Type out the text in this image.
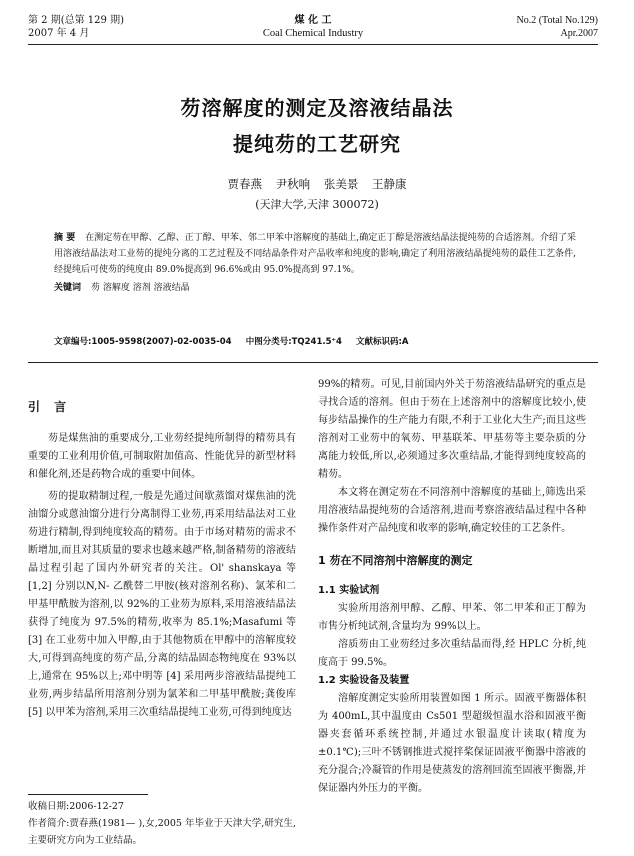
第 2 期(总第 129 期)
2007 年 4 月
煤 化 工
Coal Chemical Industry
No.2 (Total No.129)
Apr.2007
芴溶解度的测定及溶液结晶法
提纯芴的工艺研究
贾春燕 尹秋响 张美景 王静康
(天津大学,天津 300072)
摘 要 在测定芴在甲醇、乙醇、正丁醇、甲苯、邻二甲苯中溶解度的基础上,确定正丁醇是溶液结晶法提纯芴的合适溶剂。介绍了采用溶液结晶法对工业芴的提纯分离的工艺过程及不同结晶条件对产品收率和纯度的影响,确定了利用溶液结晶提纯芴的最佳工艺条件,经提纯后可使芴的纯度由 89.0%提高到 96.6%或由 95.0%提高到 97.1%。
关键词 芴 溶解度 溶剂 溶液结晶
文章编号:1005-9598(2007)-02-0035-04 中图分类号:TQ241.5⁺4 文献标识码:A
引 言

芴是煤焦油的重要成分,工业芴经提纯所制得的精芴具有重要的工业利用价值,可制取附加值高、性能优异的新型材料和催化剂,还是药物合成的重要中间体。

芴的提取精制过程,一般是先通过间歇蒸馏对煤焦油的洗油馏分或蒽油馏分进行分离制得工业芴,再采用结晶法对工业芴进行精制,得到纯度较高的精芴。由于市场对精芴的需求不断增加,而且对其质量的要求也越来越严格,制备精芴的溶液结晶过程引起了国内外研究者的关注。Ol' shanskaya 等 [1,2] 分别以N,N- 乙酰替二甲胺(核对溶剂名称)、氯苯和二甲基甲酰胺为溶剂,以 92%的工业芴为原料,采用溶液结晶法获得了纯度为 97.5%的精芴,收率为 85.1%;Masafumi 等 [3] 在工业芴中加入甲醇,由于其他物质在甲醇中的溶解度较大,可得到高纯度的芴产品,分离的结晶固态物纯度在 93%以上,通常在 95%以上;邓中明等 [4] 采用两步溶液结晶提纯工业芴,两步结晶所用溶剂分别为氯苯和二甲基甲酰胺;龚俊库 [5] 以甲苯为溶剂,采用三次重结晶提纯工业芴,可得到纯度达

收稿日期:2006-12-27
作者简介:贾春燕(1981— ),女,2005 年毕业于天津大学,研究生,主要研究方向为工业结晶。

99%的精芴。可见,目前国内外关于芴溶液结晶研究的重点是寻找合适的溶剂。但由于芴在上述溶剂中的溶解度比较小,使每步结晶操作的生产能力有限,不利于工业化大生产;而且这些溶剂对工业芴中的氧芴、甲基联苯、甲基芴等主要杂质的分离能力较低,所以,必须通过多次重结晶,才能得到纯度较高的精芴。

本文将在测定芴在不同溶剂中溶解度的基础上,筛选出采用溶液结晶提纯芴的合适溶剂,进而考察溶液结晶过程中各种操作条件对产品纯度和收率的影响,确定较佳的工艺条件。

1 芴在不同溶剂中溶解度的测定
1.1 实验试剂

实验所用溶剂甲醇、乙醇、甲苯、邻二甲苯和正丁醇为市售分析纯试剂,含量均为 99%以上。

溶质芴由工业芴经过多次重结晶而得,经 HPLC 分析,纯度高于 99.5%。

1.2 实验设备及装置

溶解度测定实验所用装置如图 1 所示。固液平衡器体积为 400mL,其中温度由 Cs501 型超级恒温水浴和固液平衡器夹套循环系统控制,并通过水银温度计读取(精度为±0.1℃);三叶不锈钢推进式搅拌桨保证固液平衡器中溶液的充分混合;冷凝管的作用是使蒸发的溶剂回流至固液平衡器,并保证器内外压力的平衡。
